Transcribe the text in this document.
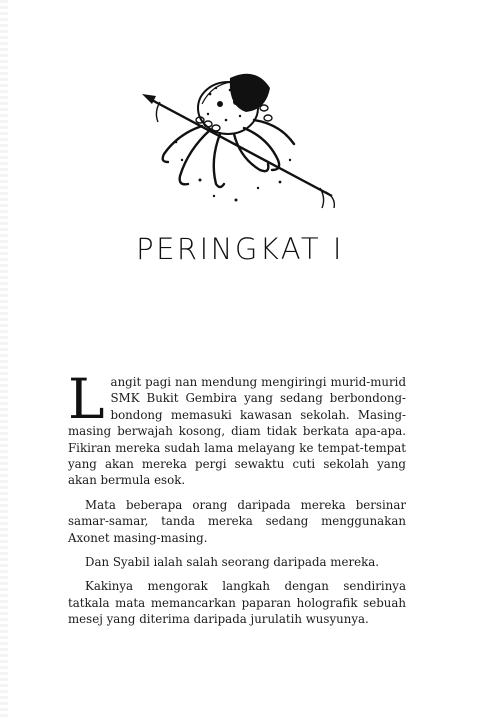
PERINGKAT I

Langit pagi nan mendung mengiringi murid-murid SMK Bukit Gembira yang sedang berbondong-bondong memasuki kawasan sekolah. Masing-masing berwajah kosong, diam tidak berkata apa-apa. Fikiran mereka sudah lama melayang ke tempat-tempat yang akan mereka pergi sewaktu cuti sekolah yang akan bermula esok.

Mata beberapa orang daripada mereka bersinar samar-samar, tanda mereka sedang menggunakan Axonet masing-masing.

Dan Syabil ialah salah seorang daripada mereka.

Kakinya mengorak langkah dengan sendirinya tatkala mata memancarkan paparan holografik sebuah mesej yang diterima daripada jurulatih wusyunya.
